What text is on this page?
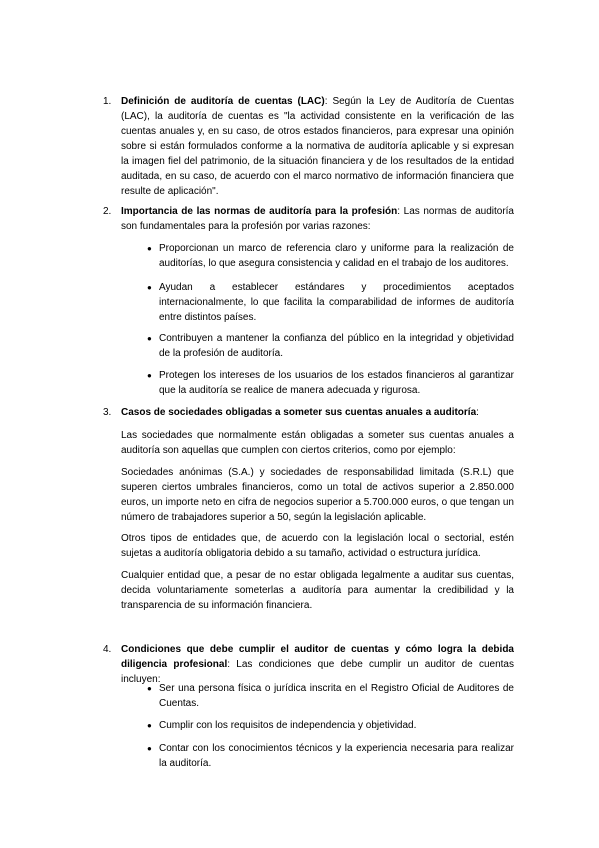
1. Definición de auditoría de cuentas (LAC): Según la Ley de Auditoría de Cuentas (LAC), la auditoría de cuentas es "la actividad consistente en la verificación de las cuentas anuales y, en su caso, de otros estados financieros, para expresar una opinión sobre si están formulados conforme a la normativa de auditoría aplicable y si expresan la imagen fiel del patrimonio, de la situación financiera y de los resultados de la entidad auditada, en su caso, de acuerdo con el marco normativo de información financiera que resulte de aplicación".
2. Importancia de las normas de auditoría para la profesión: Las normas de auditoría son fundamentales para la profesión por varias razones:
● Proporcionan un marco de referencia claro y uniforme para la realización de auditorías, lo que asegura consistencia y calidad en el trabajo de los auditores.
● Ayudan a establecer estándares y procedimientos aceptados internacionalmente, lo que facilita la comparabilidad de informes de auditoría entre distintos países.
● Contribuyen a mantener la confianza del público en la integridad y objetividad de la profesión de auditoría.
● Protegen los intereses de los usuarios de los estados financieros al garantizar que la auditoría se realice de manera adecuada y rigurosa.
3. Casos de sociedades obligadas a someter sus cuentas anuales a auditoría:
Las sociedades que normalmente están obligadas a someter sus cuentas anuales a auditoría son aquellas que cumplen con ciertos criterios, como por ejemplo:
Sociedades anónimas (S.A.) y sociedades de responsabilidad limitada (S.R.L) que superen ciertos umbrales financieros, como un total de activos superior a 2.850.000 euros, un importe neto en cifra de negocios superior a 5.700.000 euros, o que tengan un número de trabajadores superior a 50, según la legislación aplicable.
Otros tipos de entidades que, de acuerdo con la legislación local o sectorial, estén sujetas a auditoría obligatoria debido a su tamaño, actividad o estructura jurídica.
Cualquier entidad que, a pesar de no estar obligada legalmente a auditar sus cuentas, decida voluntariamente someterlas a auditoría para aumentar la credibilidad y la transparencia de su información financiera.
4. Condiciones que debe cumplir el auditor de cuentas y cómo logra la debida diligencia profesional: Las condiciones que debe cumplir un auditor de cuentas incluyen:
● Ser una persona física o jurídica inscrita en el Registro Oficial de Auditores de Cuentas.
● Cumplir con los requisitos de independencia y objetividad.
● Contar con los conocimientos técnicos y la experiencia necesaria para realizar la auditoría.
